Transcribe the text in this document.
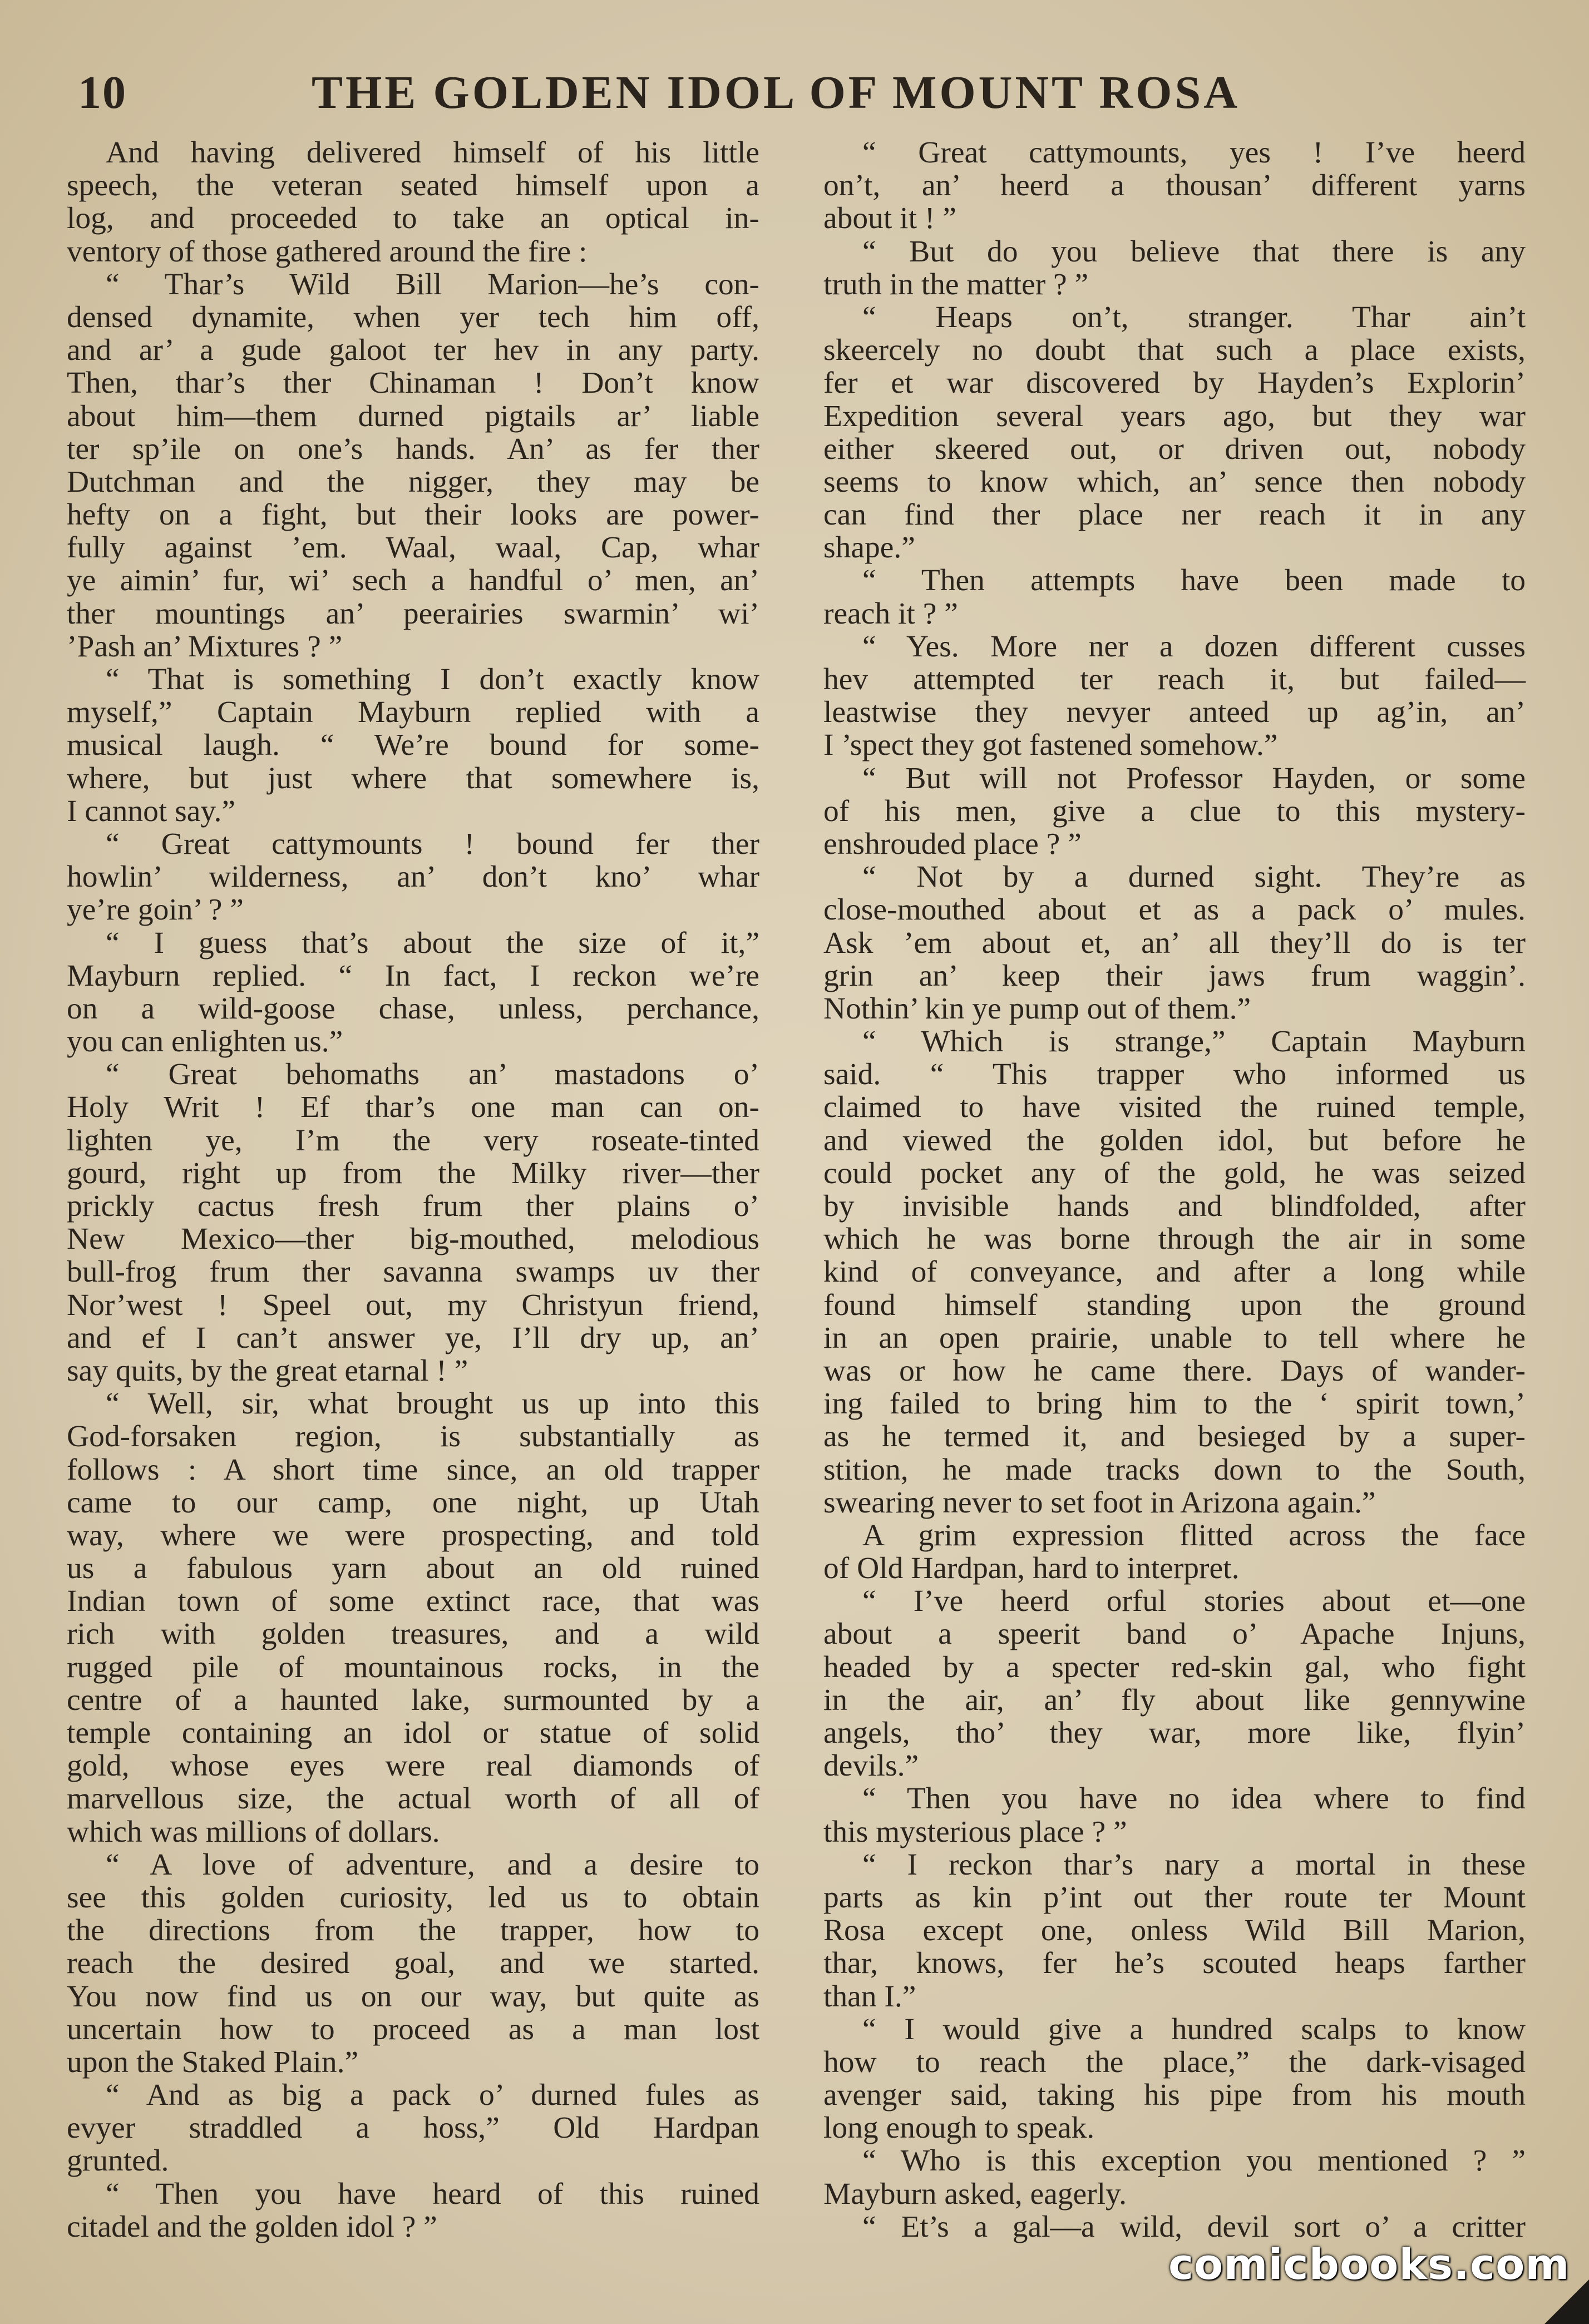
10	THE GOLDEN IDOL OF MOUNT ROSA
And having delivered himself of his little
speech, the veteran seated himself upon a
log, and proceeded to take an optical in-
ventory of those gathered around the fire :
“ Thar’s Wild Bill Marion—he’s con-
densed dynamite, when yer tech him off,
and ar’ a gude galoot ter hev in any party.
Then, thar’s ther Chinaman ! Don’t know
about him—them durned pigtails ar’ liable
ter sp’ile on one’s hands. An’ as fer ther
Dutchman and the nigger, they may be
hefty on a fight, but their looks are power-
fully against ’em. Waal, waal, Cap, whar
ye aimin’ fur, wi’ sech a handful o’ men, an’
ther mountings an’ peerairies swarmin’ wi’
’Pash an’ Mixtures ? ”
“ That is something I don’t exactly know
myself,” Captain Mayburn replied with a
musical laugh. “ We’re bound for some-
where, but just where that somewhere is,
I cannot say.”
“ Great cattymounts ! bound fer ther
howlin’ wilderness, an’ don’t kno’ whar
ye’re goin’ ? ”
“ I guess that’s about the size of it,”
Mayburn replied. “ In fact, I reckon we’re
on a wild-goose chase, unless, perchance,
you can enlighten us.”
“ Great behomaths an’ mastadons o’
Holy Writ ! Ef thar’s one man can on-
lighten ye, I’m the very roseate-tinted
gourd, right up from the Milky river—ther
prickly cactus fresh frum ther plains o’
New Mexico—ther big-mouthed, melodious
bull-frog frum ther savanna swamps uv ther
Nor’west ! Speel out, my Christyun friend,
and ef I can’t answer ye, I’ll dry up, an’
say quits, by the great etarnal ! ”
“ Well, sir, what brought us up into this
God-forsaken region, is substantially as
follows : A short time since, an old trapper
came to our camp, one night, up Utah
way, where we were prospecting, and told
us a fabulous yarn about an old ruined
Indian town of some extinct race, that was
rich with golden treasures, and a wild
rugged pile of mountainous rocks, in the
centre of a haunted lake, surmounted by a
temple containing an idol or statue of solid
gold, whose eyes were real diamonds of
marvellous size, the actual worth of all of
which was millions of dollars.
“ A love of adventure, and a desire to
see this golden curiosity, led us to obtain
the directions from the trapper, how to
reach the desired goal, and we started.
You now find us on our way, but quite as
uncertain how to proceed as a man lost
upon the Staked Plain.”
“ And as big a pack o’ durned fules as
evyer straddled a hoss,” Old Hardpan
grunted.
“ Then you have heard of this ruined
citadel and the golden idol ? ”
“ Great cattymounts, yes ! I’ve heerd
on’t, an’ heerd a thousan’ different yarns
about it ! ”
“ But do you believe that there is any
truth in the matter ? ”
“ Heaps on’t, stranger. Thar ain’t
skeercely no doubt that such a place exists,
fer et war discovered by Hayden’s Explorin’
Expedition several years ago, but they war
either skeered out, or driven out, nobody
seems to know which, an’ sence then nobody
can find ther place ner reach it in any
shape.”
“ Then attempts have been made to
reach it ? ”
“ Yes. More ner a dozen different cusses
hev attempted ter reach it, but failed—
leastwise they nevyer anteed up ag’in, an’
I ’spect they got fastened somehow.”
“ But will not Professor Hayden, or some
of his men, give a clue to this mystery-
enshrouded place ? ”
“ Not by a durned sight. They’re as
close-mouthed about et as a pack o’ mules.
Ask ’em about et, an’ all they’ll do is ter
grin an’ keep their jaws frum waggin’.
Nothin’ kin ye pump out of them.”
“ Which is strange,” Captain Mayburn
said. “ This trapper who informed us
claimed to have visited the ruined temple,
and viewed the golden idol, but before he
could pocket any of the gold, he was seized
by invisible hands and blindfolded, after
which he was borne through the air in some
kind of conveyance, and after a long while
found himself standing upon the ground
in an open prairie, unable to tell where he
was or how he came there. Days of wander-
ing failed to bring him to the ‘ spirit town,’
as he termed it, and besieged by a super-
stition, he made tracks down to the South,
swearing never to set foot in Arizona again.”
A grim expression flitted across the face
of Old Hardpan, hard to interpret.
“ I’ve heerd orful stories about et—one
about a speerit band o’ Apache Injuns,
headed by a specter red-skin gal, who fight
in the air, an’ fly about like gennywine
angels, tho’ they war, more like, flyin’
devils.”
“ Then you have no idea where to find
this mysterious place ? ”
“ I reckon thar’s nary a mortal in these
parts as kin p’int out ther route ter Mount
Rosa except one, onless Wild Bill Marion,
thar, knows, fer he’s scouted heaps farther
than I.”
“ I would give a hundred scalps to know
how to reach the place,” the dark-visaged
avenger said, taking his pipe from his mouth
long enough to speak.
“ Who is this exception you mentioned ? ”
Mayburn asked, eagerly.
“ Et’s a gal—a wild, devil sort o’ a critter
comicbooks.com
